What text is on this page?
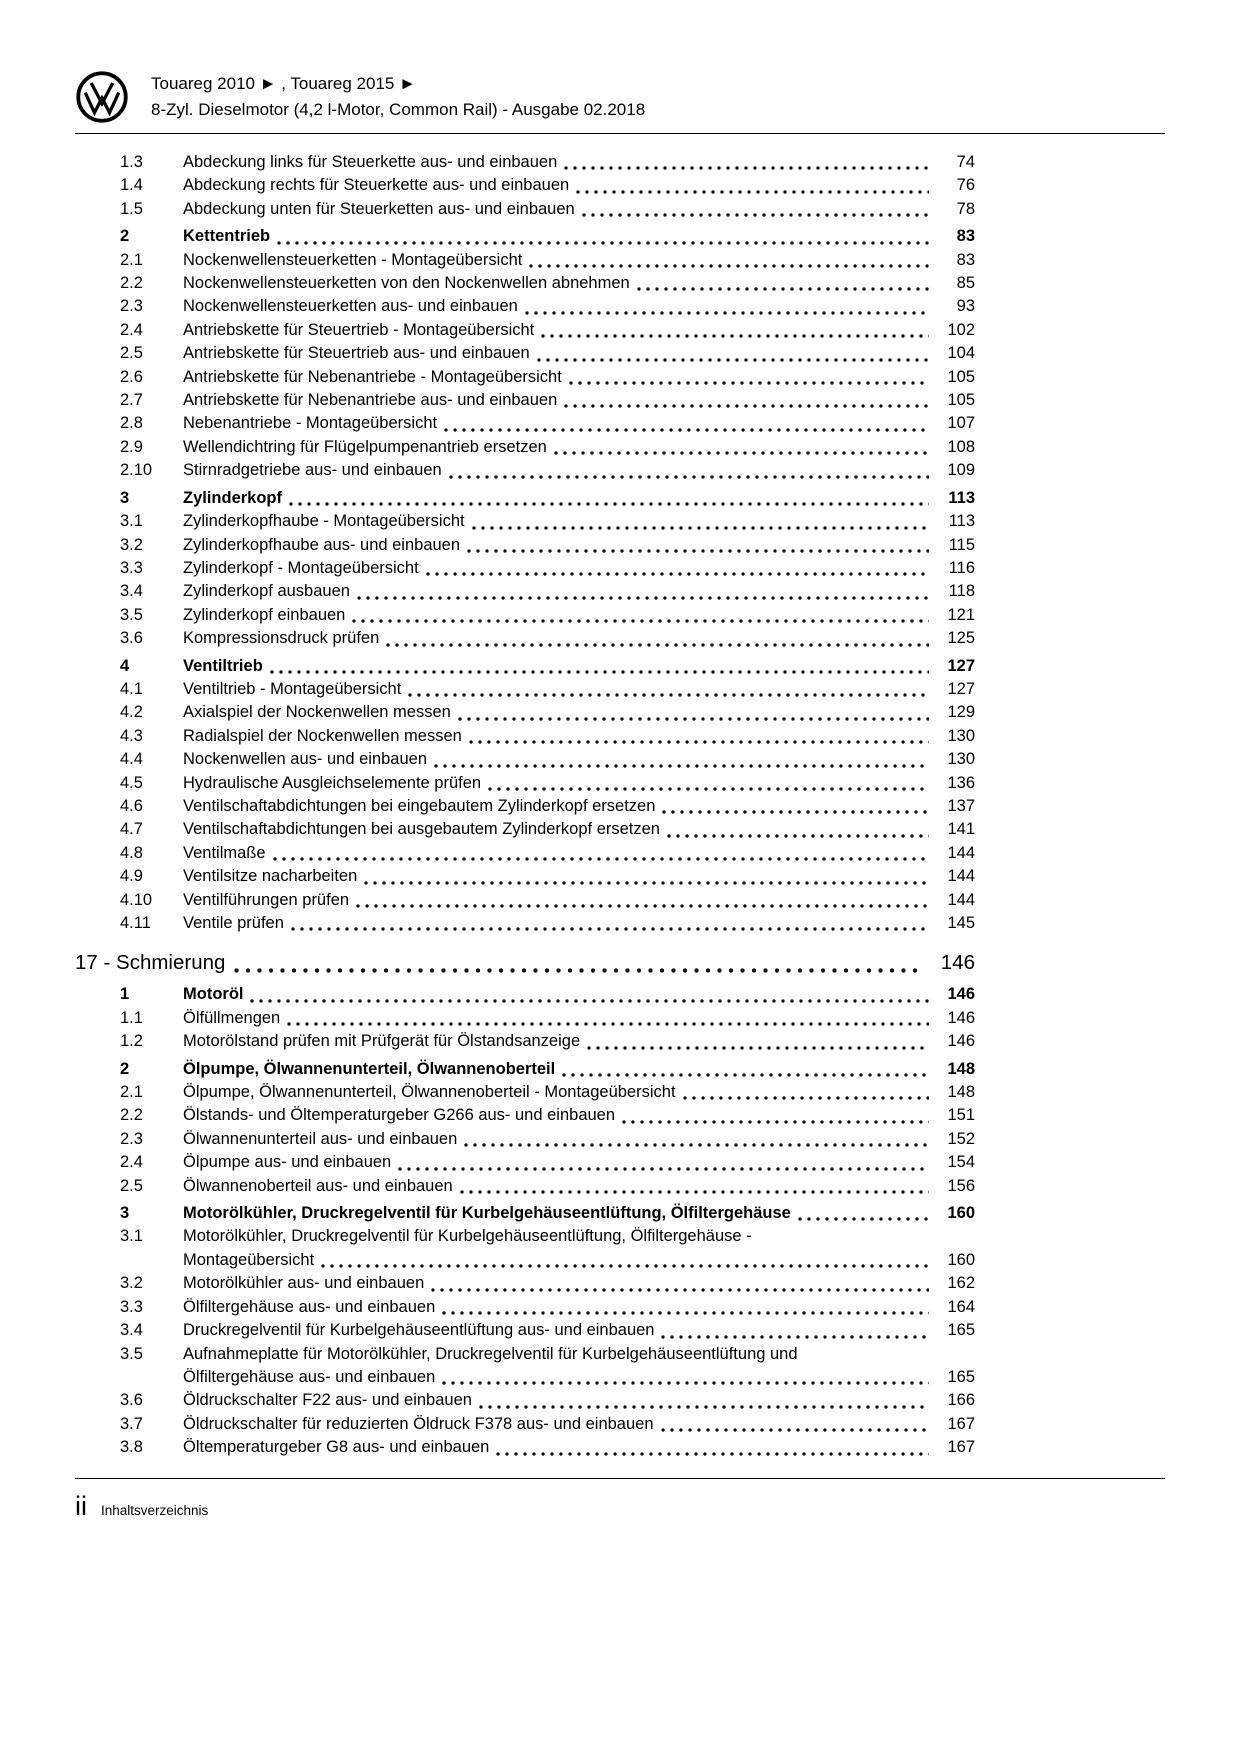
Touareg 2010 ► , Touareg 2015 ►
8-Zyl. Dieselmotor (4,2 l-Motor, Common Rail) - Ausgabe 02.2018
1.3	Abdeckung links für Steuerkette aus- und einbauen	74
1.4	Abdeckung rechts für Steuerkette aus- und einbauen	76
1.5	Abdeckung unten für Steuerketten aus- und einbauen	78
2	Kettentrieb	83
2.1	Nockenwellensteuerketten - Montageübersicht	83
2.2	Nockenwellensteuerketten von den Nockenwellen abnehmen	85
2.3	Nockenwellensteuerketten aus- und einbauen	93
2.4	Antriebskette für Steuertrieb - Montageübersicht	102
2.5	Antriebskette für Steuertrieb aus- und einbauen	104
2.6	Antriebskette für Nebenantriebe - Montageübersicht	105
2.7	Antriebskette für Nebenantriebe aus- und einbauen	105
2.8	Nebenantriebe - Montageübersicht	107
2.9	Wellendichtring für Flügelpumpenantrieb ersetzen	108
2.10	Stirnradgetriebe aus- und einbauen	109
3	Zylinderkopf	113
3.1	Zylinderkopfhaube - Montageübersicht	113
3.2	Zylinderkopfhaube aus- und einbauen	115
3.3	Zylinderkopf - Montageübersicht	116
3.4	Zylinderkopf ausbauen	118
3.5	Zylinderkopf einbauen	121
3.6	Kompressionsdruck prüfen	125
4	Ventiltrieb	127
4.1	Ventiltrieb - Montageübersicht	127
4.2	Axialspiel der Nockenwellen messen	129
4.3	Radialspiel der Nockenwellen messen	130
4.4	Nockenwellen aus- und einbauen	130
4.5	Hydraulische Ausgleichselemente prüfen	136
4.6	Ventilschaftabdichtungen bei eingebautem Zylinderkopf ersetzen	137
4.7	Ventilschaftabdichtungen bei ausgebautem Zylinderkopf ersetzen	141
4.8	Ventilmaße	144
4.9	Ventilsitze nacharbeiten	144
4.10	Ventilführungen prüfen	144
4.11	Ventile prüfen	145
17 - Schmierung	146
1	Motoröl	146
1.1	Ölfüllmengen	146
1.2	Motorölstand prüfen mit Prüfgerät für Ölstandsanzeige	146
2	Ölpumpe, Ölwannenunterteil, Ölwannenoberteil	148
2.1	Ölpumpe, Ölwannenunterteil, Ölwannenoberteil - Montageübersicht	148
2.2	Ölstands- und Öltemperaturgeber G266 aus- und einbauen	151
2.3	Ölwannenunterteil aus- und einbauen	152
2.4	Ölpumpe aus- und einbauen	154
2.5	Ölwannenoberteil aus- und einbauen	156
3	Motorölkühler, Druckregelventil für Kurbelgehäuseentlüftung, Ölfiltergehäuse	160
3.1	Motorölkühler, Druckregelventil für Kurbelgehäuseentlüftung, Ölfiltergehäuse -
Montageübersicht	160
3.2	Motorölkühler aus- und einbauen	162
3.3	Ölfiltergehäuse aus- und einbauen	164
3.4	Druckregelventil für Kurbelgehäuseentlüftung aus- und einbauen	165
3.5	Aufnahmeplatte für Motorölkühler, Druckregelventil für Kurbelgehäuseentlüftung und
Ölfiltergehäuse aus- und einbauen	165
3.6	Öldruckschalter F22 aus- und einbauen	166
3.7	Öldruckschalter für reduzierten Öldruck F378 aus- und einbauen	167
3.8	Öltemperaturgeber G8 aus- und einbauen	167
ii Inhaltsverzeichnis
